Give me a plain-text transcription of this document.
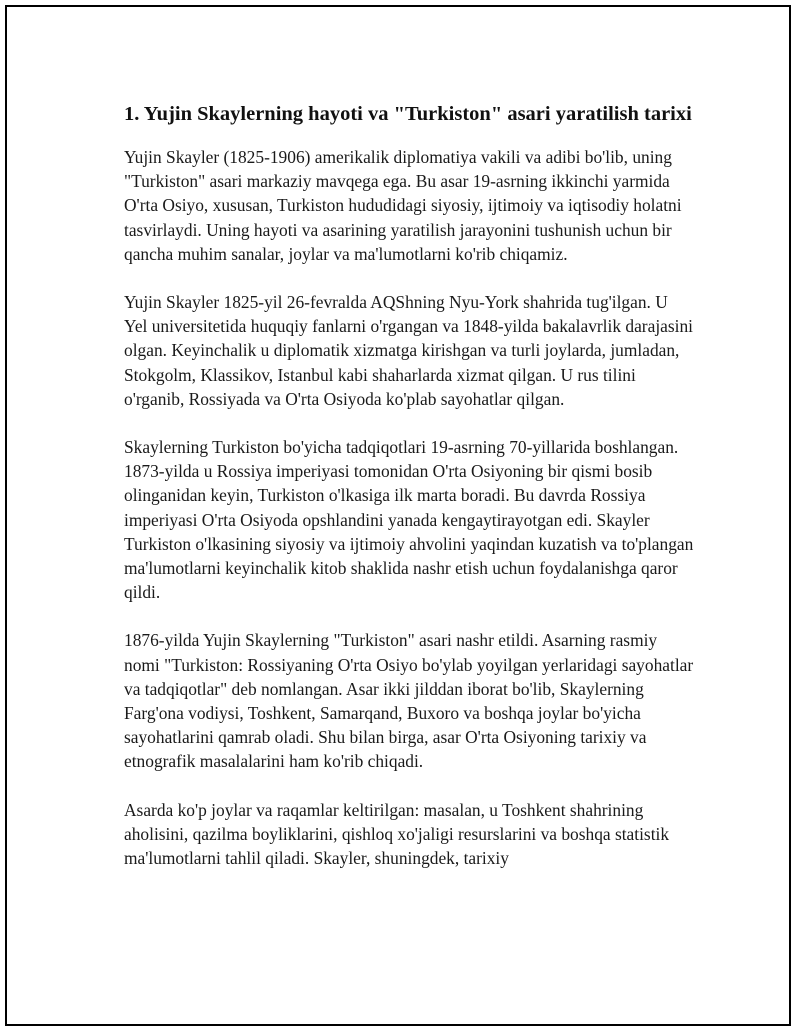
1. Yujin Skaylerning hayoti va "Turkiston" asari yaratilish tarixi

Yujin Skayler (1825-1906) amerikalik diplomatiya vakili va adibi bo'lib, uning "Turkiston" asari markaziy mavqega ega. Bu asar 19-asrning ikkinchi yarmida O'rta Osiyo, xususan, Turkiston hududidagi siyosiy, ijtimoiy va iqtisodiy holatni tasvirlaydi. Uning hayoti va asarining yaratilish jarayonini tushunish uchun bir qancha muhim sanalar, joylar va ma'lumotlarni ko'rib chiqamiz.

Yujin Skayler 1825-yil 26-fevralda AQShning Nyu-York shahrida tug'ilgan. U Yel universitetida huquqiy fanlarni o'rgangan va 1848-yilda bakalavrlik darajasini olgan. Keyinchalik u diplomatik xizmatga kirishgan va turli joylarda, jumladan, Stokgolm, Klassikov, Istanbul kabi shaharlarda xizmat qilgan. U rus tilini o'rganib, Rossiyada va O'rta Osiyoda ko'plab sayohatlar qilgan.

Skaylerning Turkiston bo'yicha tadqiqotlari 19-asrning 70-yillarida boshlangan. 1873-yilda u Rossiya imperiyasi tomonidan O'rta Osiyoning bir qismi bosib olinganidan keyin, Turkiston o'lkasiga ilk marta boradi. Bu davrda Rossiya imperiyasi O'rta Osiyoda opshlandini yanada kengaytirayotgan edi. Skayler Turkiston o'lkasining siyosiy va ijtimoiy ahvolini yaqindan kuzatish va to'plangan ma'lumotlarni keyinchalik kitob shaklida nashr etish uchun foydalanishga qaror qildi.

1876-yilda Yujin Skaylerning "Turkiston" asari nashr etildi. Asarning rasmiy nomi "Turkiston: Rossiyaning O'rta Osiyo bo'ylab yoyilgan yerlaridagi sayohatlar va tadqiqotlar" deb nomlangan. Asar ikki jilddan iborat bo'lib, Skaylerning Farg'ona vodiysi, Toshkent, Samarqand, Buxoro va boshqa joylar bo'yicha sayohatlarini qamrab oladi. Shu bilan birga, asar O'rta Osiyoning tarixiy va etnografik masalalarini ham ko'rib chiqadi.

Asarda ko'p joylar va raqamlar keltirilgan: masalan, u Toshkent shahrining aholisini, qazilma boyliklarini, qishloq xo'jaligi resurslarini va boshqa statistik ma'lumotlarni tahlil qiladi. Skayler, shuningdek, tarixiy
